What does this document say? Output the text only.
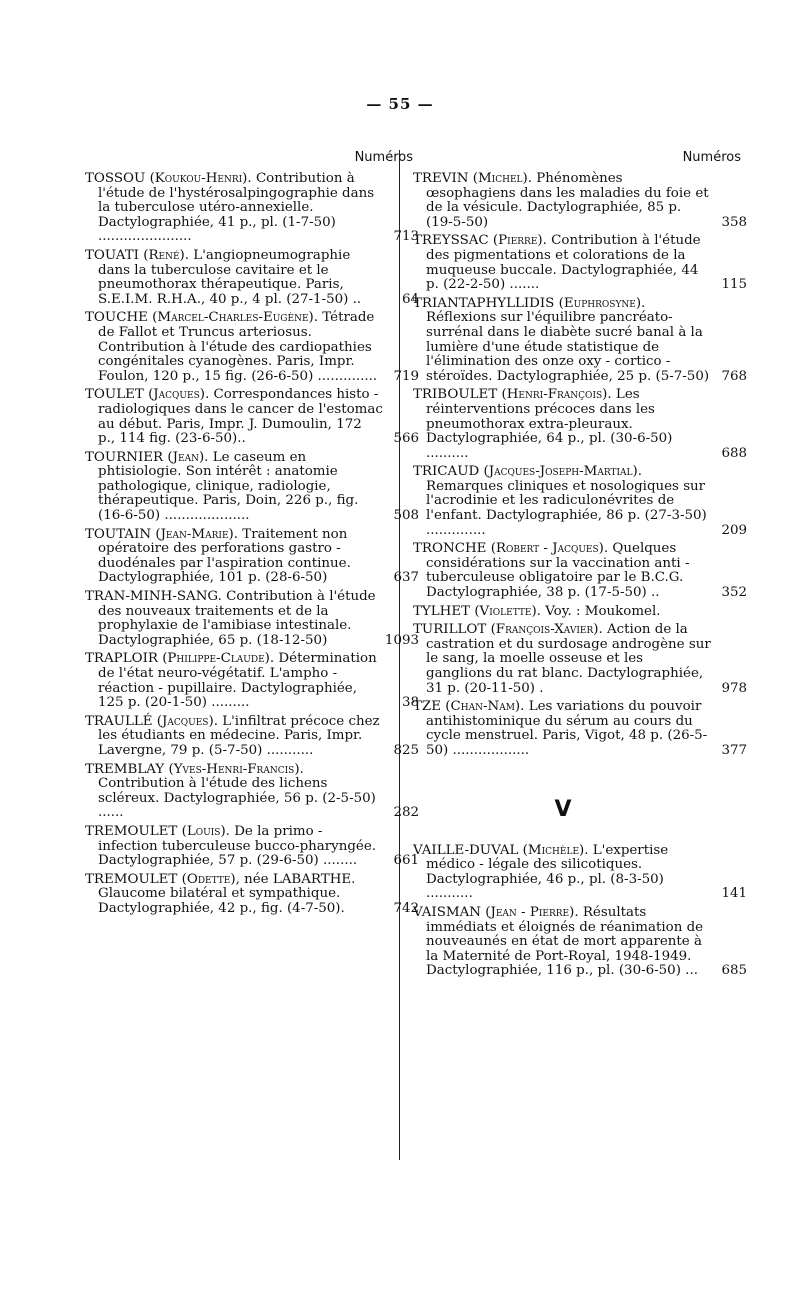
— 55 —
Numéros

TOSSOU (Koukou-Henri). Contribution à l'étude de l'hystérosalpingographie dans la tuberculose utéro-annexielle. Dactylographiée, 41 p., pl. (1-7-50) ......................	713

TOUATI (René). L'angiopneumographie dans la tuberculose cavitaire et le pneumothorax thérapeutique. Paris, S.E.I.M. R.H.A., 40 p., 4 pl. (27-1-50) ..	64

TOUCHE (Marcel-Charles-Eugène). Tétrade de Fallot et Truncus arteriosus. Contribution à l'étude des cardiopathies congénitales cyanogènes. Paris, Impr. Foulon, 120 p., 15 fig. (26-6-50) ..............	719

TOULET (Jacques). Correspondances histo - radiologiques dans le cancer de l'estomac au début. Paris, Impr. J. Dumoulin, 172 p., 114 fig. (23-6-50)..	566

TOURNIER (Jean). Le caseum en phtisiologie. Son intérêt : anatomie pathologique, clinique, radiologie, thérapeutique. Paris, Doin, 226 p., fig. (16-6-50) ....................	508

TOUTAIN (Jean-Marie). Traitement non opératoire des perforations gastro - duodénales par l'aspiration continue. Dactylographiée, 101 p. (28-6-50)	637

TRAN-MINH-SANG. Contribution à l'étude des nouveaux traitements et de la prophylaxie de l'amibiase intestinale. Dactylographiée, 65 p. (18-12-50)	1093

TRAPLOIR (Philippe-Claude). Détermination de l'état neuro-végétatif. L'ampho - réaction - pupillaire. Dactylographiée, 125 p. (20-1-50) .........	38

TRAULLÉ (Jacques). L'infiltrat précoce chez les étudiants en médecine. Paris, Impr. Lavergne, 79 p. (5-7-50) ...........	825

TREMBLAY (Yves-Henri-Francis). Contribution à l'étude des lichens scléreux. Dactylographiée, 56 p. (2-5-50) ......	282

TREMOULET (Louis). De la primo - infection tuberculeuse bucco-pharyngée. Dactylographiée, 57 p. (29-6-50) ........	661

TREMOULET (Odette), née LABARTHE. Glaucome bilatéral et sympathique. Dactylographiée, 42 p., fig. (4-7-50).	742
Numéros

TREVIN (Michel). Phénomènes œsophagiens dans les maladies du foie et de la vésicule. Dactylographiée, 85 p. (19-5-50)	358

TREYSSAC (Pierre). Contribution à l'étude des pigmentations et colorations de la muqueuse buccale. Dactylographiée, 44 p. (22-2-50) .......	115

TRIANTAPHYLLIDIS (Euphrosyne). Réflexions sur l'équilibre pancréato-surrénal dans le diabète sucré banal à la lumière d'une étude statistique de l'élimination des onze oxy - cortico - stéroïdes. Dactylographiée, 25 p. (5-7-50) 768

TRIBOULET (Henri-François). Les réinterventions précoces dans les pneumothorax extra-pleuraux. Dactylographiée, 64 p., pl. (30-6-50) ..........	688

TRICAUD (Jacques-Joseph-Martial). Remarques cliniques et nosologiques sur l'acrodinie et les radiculonévrites de l'enfant. Dactylographiée, 86 p. (27-3-50) ..............	209

TRONCHE (Robert - Jacques). Quelques considérations sur la vaccination anti - tuberculeuse obligatoire par le B.C.G. Dactylographiée, 38 p. (17-5-50) ..	352

TYLHET (Violette). Voy. : Moukomel.

TURILLOT (François-Xavier). Action de la castration et du surdosage androgène sur le sang, la moelle osseuse et les ganglions du rat blanc. Dactylographiée, 31 p. (20-11-50) .	978

TZE (Chan-Nam). Les variations du pouvoir antihistominique du sérum au cours du cycle menstruel. Paris, Vigot, 48 p. (26-5-50) ..................	377
V

VAILLE-DUVAL (Michèle). L'expertise médico - légale des silicotiques. Dactylographiée, 46 p., pl. (8-3-50) ...........	141

VAISMAN (Jean - Pierre). Résultats immédiats et éloignés de réanimation de nouveaunés en état de mort apparente à la Maternité de Port-Royal, 1948-1949. Dactylographiée, 116 p., pl. (30-6-50) ...	685
